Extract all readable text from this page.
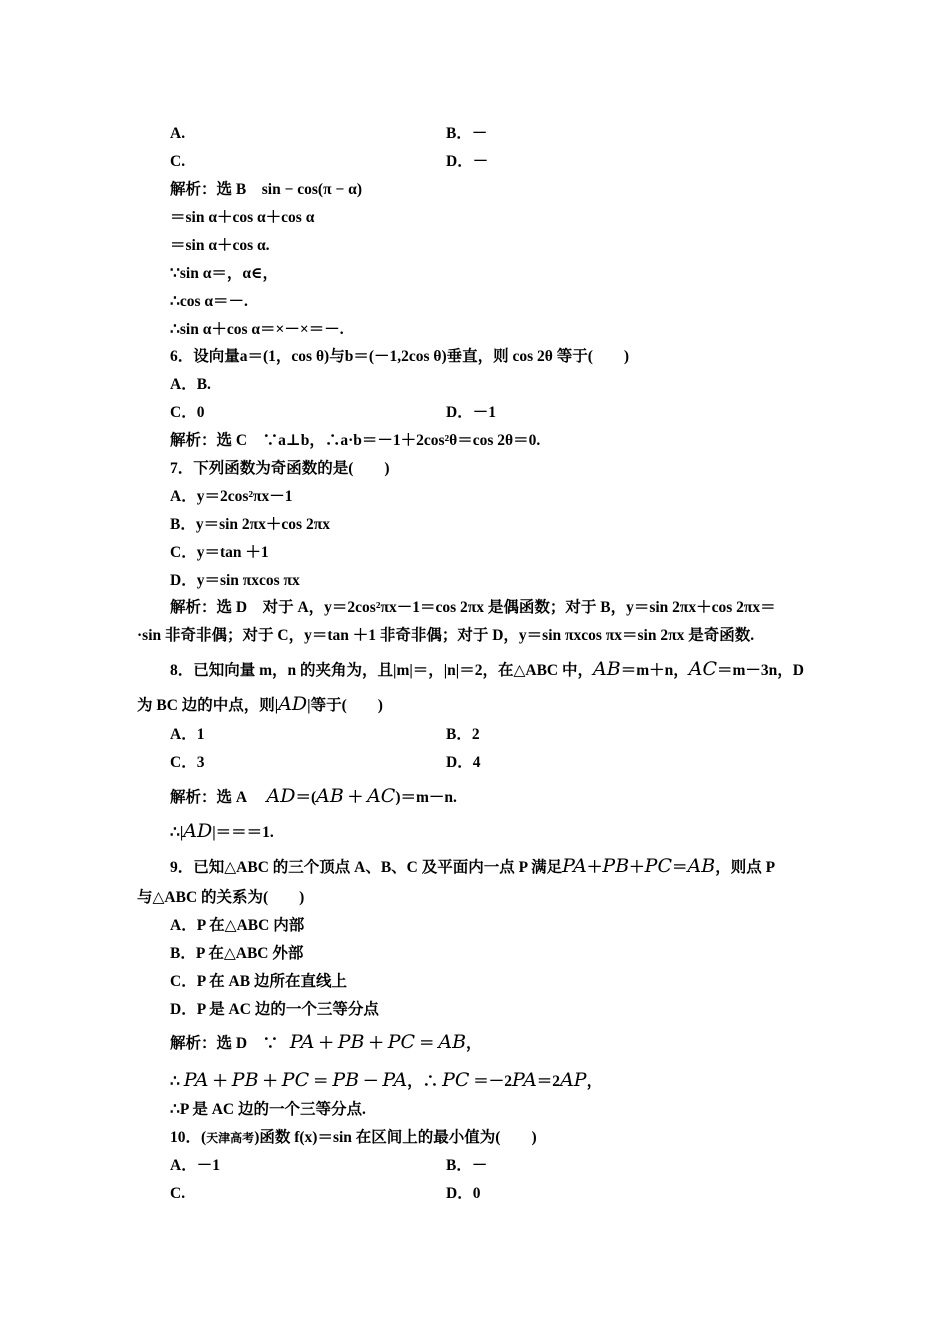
A.	B．－
C.	D．－
解析：选 B　sin − cos(π − α)
＝sin α＋cos α＋cos α
＝sin α＋cos α.
∵sin α＝，α∈，
∴cos α＝－.
∴sin α＋cos α＝×－×＝－.
6．设向量a＝(1，cos θ)与b＝(－1,2cos θ)垂直，则 cos 2θ 等于(　　)
A．B.
C．0	D．－1
解析：选 C　∵a⊥b，∴a·b＝－1＋2cos²θ＝cos 2θ＝0.
7．下列函数为奇函数的是(　　)
A．y＝2cos²πx－1
B．y＝sin 2πx＋cos 2πx
C．y＝tan ＋1
D．y＝sin πxcos πx
解析：选 D　对于 A，y＝2cos²πx－1＝cos 2πx 是偶函数；对于 B，y＝sin 2πx＋cos 2πx＝
·sin 非奇非偶；对于 C，y＝tan ＋1 非奇非偶；对于 D，y＝sin πxcos πx＝sin 2πx 是奇函数.
8．已知向量 m，n 的夹角为，且|m|＝，|n|＝2，在△ABC 中，AB＝m＋n，AC＝m－3n，D
为 BC 边的中点，则|AD|等于(　　)
A．1	B．2
C．3	D．4
解析：选 A AD＝(AB ＋ AC)＝m－n.
∴|AD|＝＝＝1.
9．已知△ABC 的三个顶点 A、B、C 及平面内一点 P 满足PA＋PB＋PC＝AB，则点 P
与△ABC 的关系为(　　)
A．P 在△ABC 内部
B．P 在△ABC 外部
C．P 在 AB 边所在直线上
D．P 是 AC 边的一个三等分点
解析：选 D　∵ PA ＋ PB ＋ PC ＝ AB，
∴ PA ＋ PB ＋ PC ＝ PB － PA，∴ PC ＝－2PA＝2AP，
∴P 是 AC 边的一个三等分点.
10．(天津高考)函数 f(x)＝sin 在区间上的最小值为(　　)
A．－1	B．－
C.	D．0
